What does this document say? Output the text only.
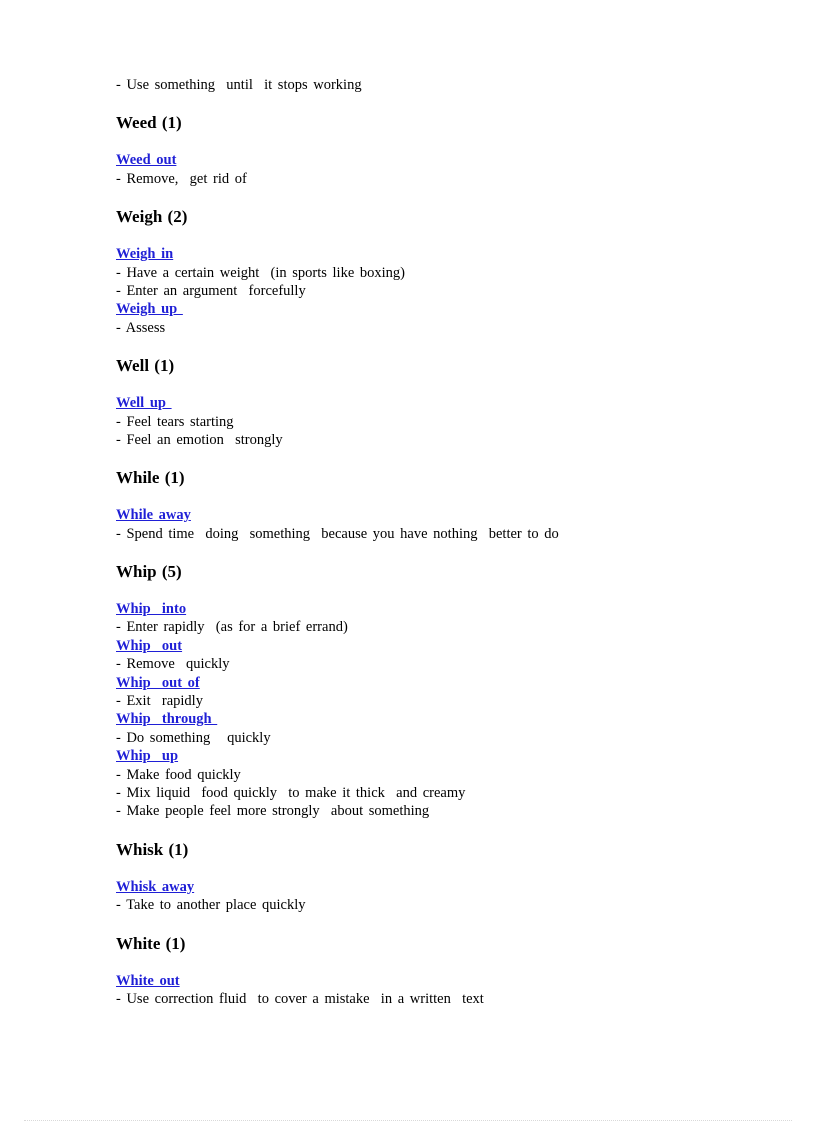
- Use something  until  it stops working
Weed (1)
Weed out
- Remove,  get rid of
Weigh (2)
Weigh in
- Have a certain weight  (in sports like boxing)
- Enter an argument  forcefully
Weigh up
- Assess
Well (1)
Well up
- Feel tears starting
- Feel an emotion  strongly
While (1)
While away
- Spend time  doing  something  because you have nothing  better to do
Whip (5)
Whip  into
- Enter rapidly  (as for a brief errand)
Whip  out
- Remove  quickly
Whip  out of
- Exit  rapidly
Whip  through
- Do something   quickly
Whip  up
- Make food quickly
- Mix liquid  food quickly  to make it thick  and creamy
- Make people feel more strongly  about something
Whisk (1)
Whisk away
- Take to another place quickly
White (1)
White out
- Use correction fluid  to cover a mistake  in a written  text
